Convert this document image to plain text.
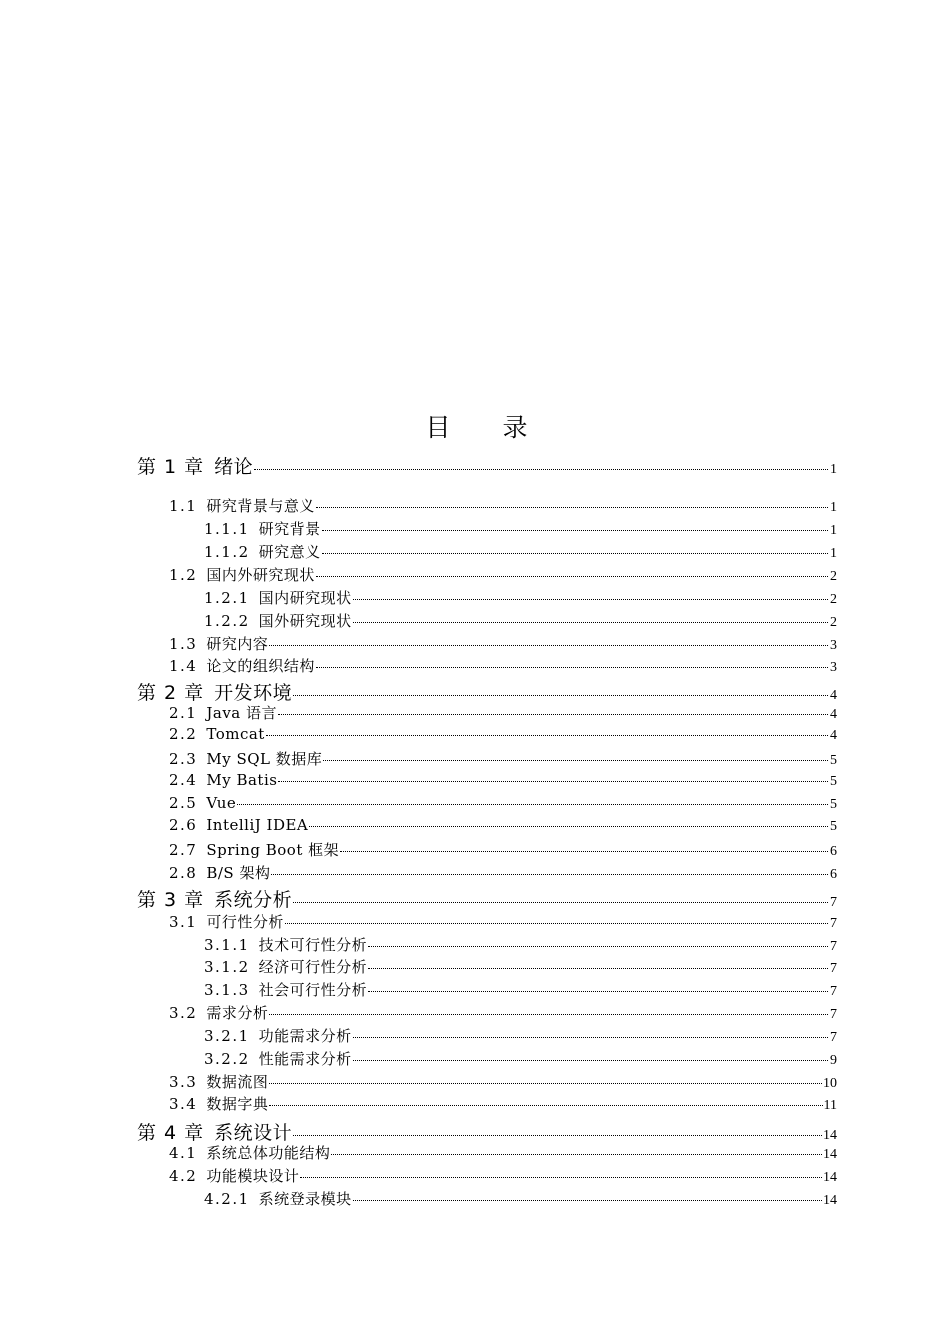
目 录
第 1 章 绪论	1
1.1 研究背景与意义	1
1.1.1 研究背景	1
1.1.2 研究意义	1
1.2 国内外研究现状	2
1.2.1 国内研究现状	2
1.2.2 国外研究现状	2
1.3 研究内容	3
1.4 论文的组织结构	3
第 2 章 开发环境	4
2.1 Java 语言	4
2.2 Tomcat	4
2.3 My SQL 数据库	5
2.4 My Batis	5
2.5 Vue	5
2.6 IntelliJ IDEA	5
2.7 Spring Boot 框架	6
2.8 B/S 架构	6
第 3 章 系统分析	7
3.1 可行性分析	7
3.1.1 技术可行性分析	7
3.1.2 经济可行性分析	7
3.1.3 社会可行性分析	7
3.2 需求分析	7
3.2.1 功能需求分析	7
3.2.2 性能需求分析	9
3.3 数据流图	10
3.4 数据字典	11
第 4 章 系统设计	14
4.1 系统总体功能结构	14
4.2 功能模块设计	14
4.2.1 系统登录模块	14
